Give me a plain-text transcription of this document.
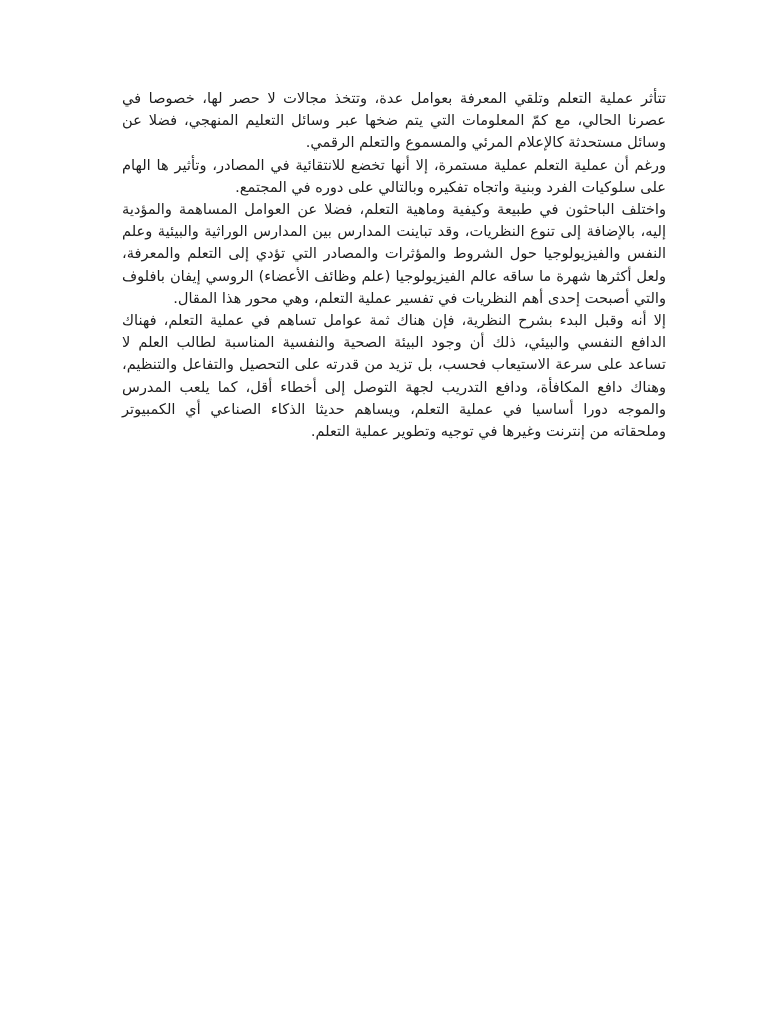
تتأثر عملية التعلم وتلقي المعرفة بعوامل عدة، وتتخذ مجالات لا حصر لها، خصوصا في عصرنا الحالي، مع كمّ المعلومات التي يتم ضخها عبر وسائل التعليم المنهجي، فضلا عن وسائل مستحدثة كالإعلام المرئي والمسموع والتعلم الرقمي.

ورغم أن عملية التعلم عملية مستمرة، إلا أنها تخضع للانتقائية في المصادر، وتأثير ها الهام على سلوكيات الفرد وبنية واتجاه تفكيره وبالتالي على دوره في المجتمع.

واختلف الباحثون في طبيعة وكيفية وماهية التعلم، فضلا عن العوامل المساهمة والمؤدية إليه، بالإضافة إلى تنوع النظريات، وقد تباينت المدارس بين المدارس الوراثية والبيئية وعلم النفس والفيزيولوجيا حول الشروط والمؤثرات والمصادر التي تؤدي إلى التعلم والمعرفة، ولعل أكثرها شهرة ما ساقه عالم الفيزيولوجيا (علم وظائف الأعضاء) الروسي إيفان بافلوف والتي أصبحت إحدى أهم النظريات في تفسير عملية التعلم، وهي محور هذا المقال.

إلا أنه وقبل البدء بشرح النظرية، فإن هناك ثمة عوامل تساهم في عملية التعلم، فهناك الدافع النفسي والبيئي، ذلك أن وجود البيئة الصحية والنفسية المناسبة لطالب العلم لا تساعد على سرعة الاستيعاب فحسب، بل تزيد من قدرته على التحصيل والتفاعل والتنظيم، وهناك دافع المكافأة، ودافع التدريب لجهة التوصل إلى أخطاء أقل، كما يلعب المدرس والموجه دورا أساسيا في عملية التعلم، ويساهم حديثا الذكاء الصناعي أي الكمبيوتر وملحقاته من إنترنت وغيرها في توجيه وتطوير عملية التعلم.
